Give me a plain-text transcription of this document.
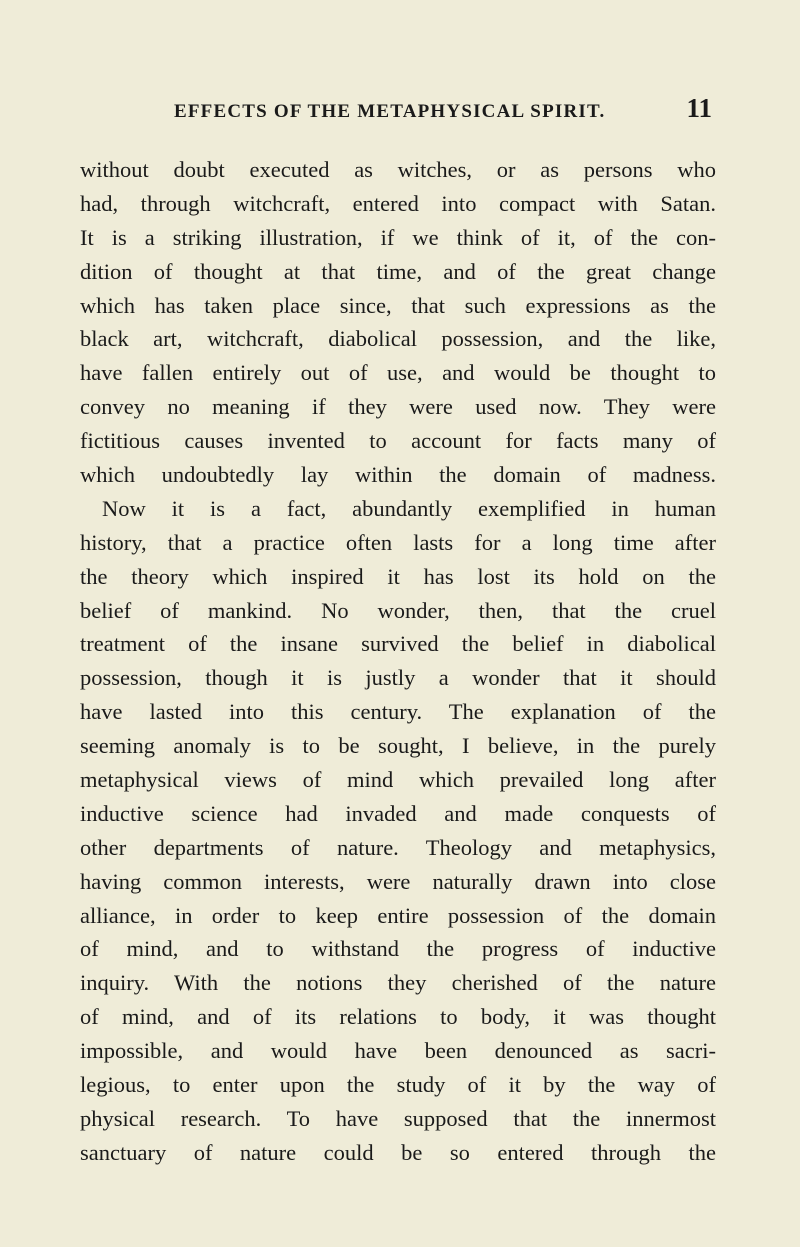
EFFECTS OF THE METAPHYSICAL SPIRIT.	11
without doubt executed as witches, or as persons who
had, through witchcraft, entered into compact with Satan.
It is a striking illustration, if we think of it, of the con-
dition of thought at that time, and of the great change
which has taken place since, that such expressions as the
black art, witchcraft, diabolical possession, and the like,
have fallen entirely out of use, and would be thought to
convey no meaning if they were used now. They were
fictitious causes invented to account for facts many of
which undoubtedly lay within the domain of madness.
Now it is a fact, abundantly exemplified in human
history, that a practice often lasts for a long time after
the theory which inspired it has lost its hold on the
belief of mankind. No wonder, then, that the cruel
treatment of the insane survived the belief in diabolical
possession, though it is justly a wonder that it should
have lasted into this century. The explanation of the
seeming anomaly is to be sought, I believe, in the purely
metaphysical views of mind which prevailed long after
inductive science had invaded and made conquests of
other departments of nature. Theology and metaphysics,
having common interests, were naturally drawn into close
alliance, in order to keep entire possession of the domain
of mind, and to withstand the progress of inductive
inquiry. With the notions they cherished of the nature
of mind, and of its relations to body, it was thought
impossible, and would have been denounced as sacri-
legious, to enter upon the study of it by the way of
physical research. To have supposed that the innermost
sanctuary of nature could be so entered through the
